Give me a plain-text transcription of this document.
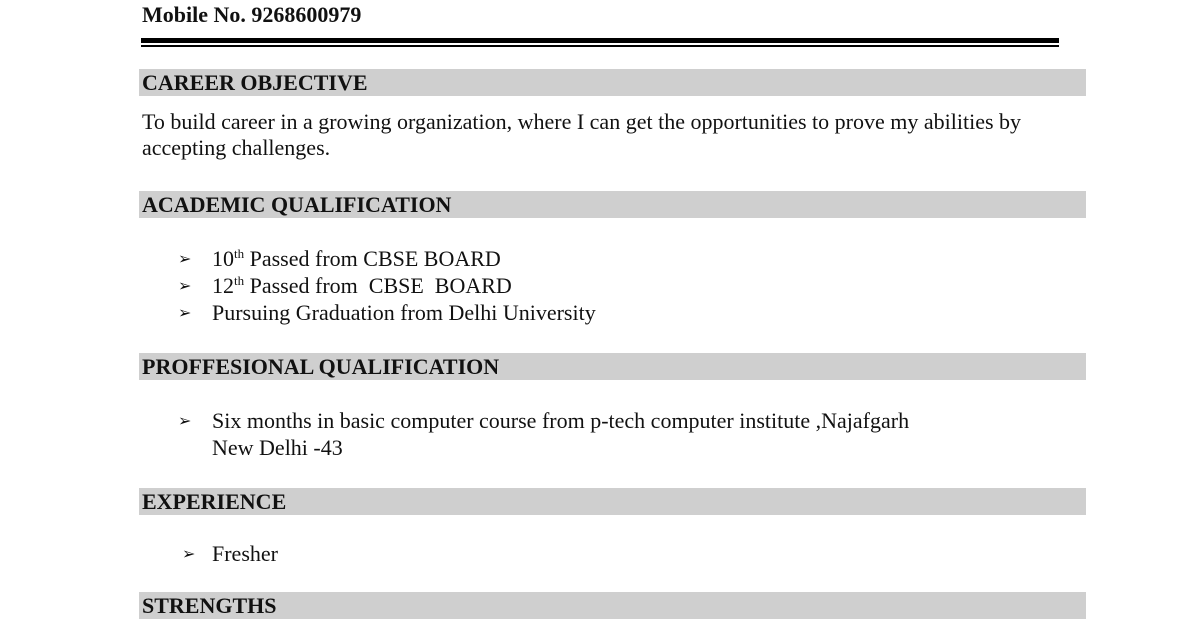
Mobile No. 9268600979
CAREER OBJECTIVE
To build career in a growing organization, where I can get the opportunities to prove my abilities by accepting challenges.
ACADEMIC QUALIFICATION
➢ 10th Passed from CBSE BOARD
➢ 12th Passed from  CBSE  BOARD
➢ Pursuing Graduation from Delhi University
PROFFESIONAL QUALIFICATION
➢ Six months in basic computer course from p-tech computer institute ,Najafgarh
New Delhi -43
EXPERIENCE
➢ Fresher
STRENGTHS
